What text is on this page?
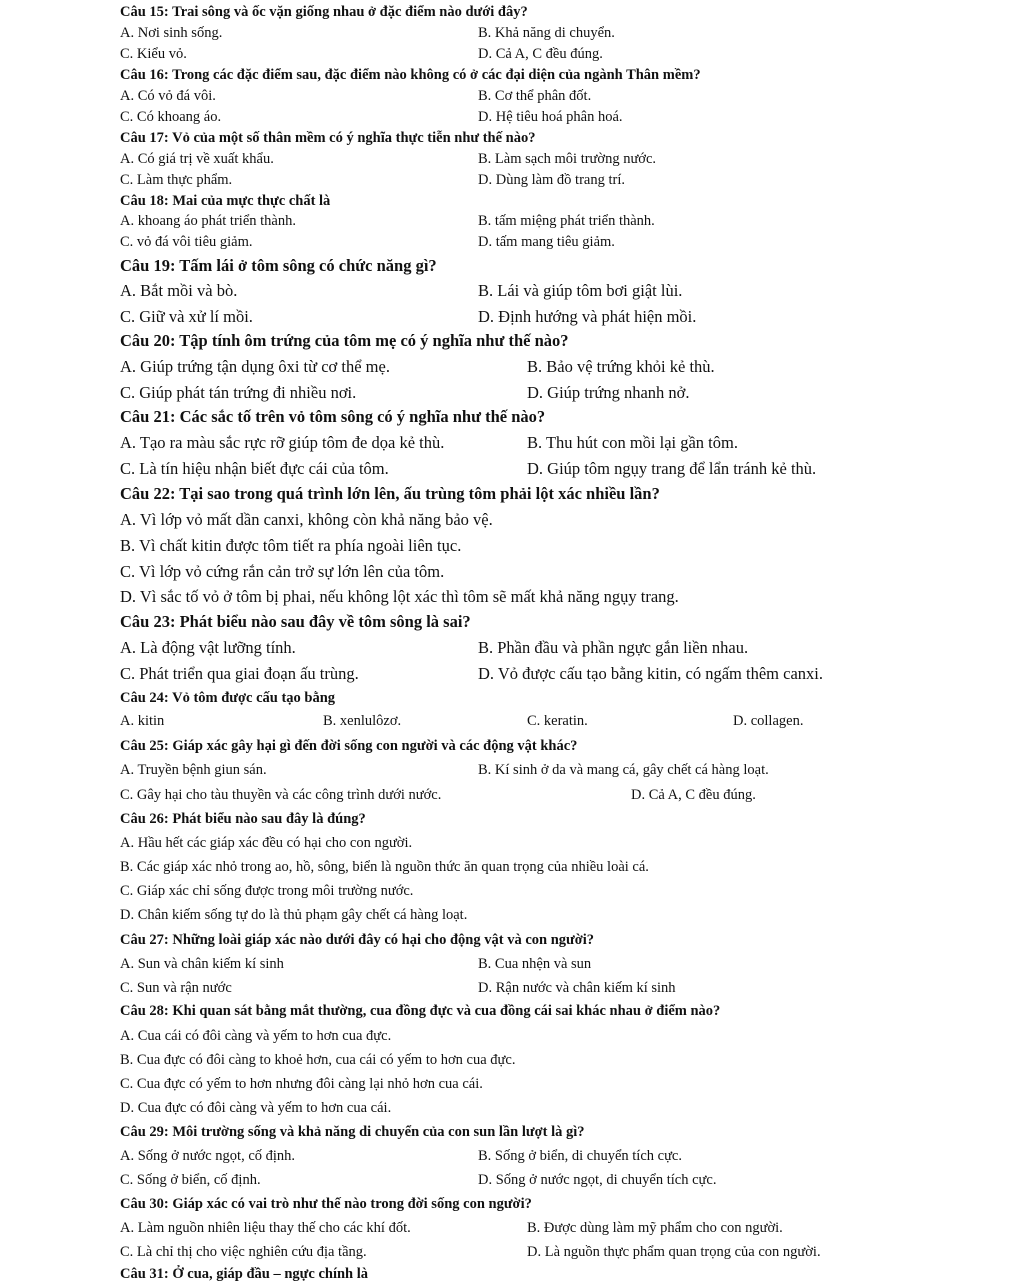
Câu 15: Trai sông và ốc vặn giống nhau ở đặc điểm nào dưới đây?
A. Nơi sinh sống.	B. Khả năng di chuyển.
C. Kiểu vỏ.	D. Cả A, C đều đúng.
Câu 16: Trong các đặc điểm sau, đặc điểm nào không có ở các đại diện của ngành Thân mềm?
A. Có vỏ đá vôi.	B. Cơ thể phân đốt.
C. Có khoang áo.	D. Hệ tiêu hoá phân hoá.
Câu 17: Vỏ của một số thân mềm có ý nghĩa thực tiễn như thế nào?
A. Có giá trị về xuất khẩu.	B. Làm sạch môi trường nước.
C. Làm thực phẩm.	D. Dùng làm đồ trang trí.
Câu 18: Mai của mực thực chất là
A. khoang áo phát triển thành.	B. tấm miệng phát triển thành.
C. vỏ đá vôi tiêu giảm.	D. tấm mang tiêu giảm.
Câu 19: Tấm lái ở tôm sông có chức năng gì?
A. Bắt mồi và bò.	B. Lái và giúp tôm bơi giật lùi.
C. Giữ và xử lí mồi.	D. Định hướng và phát hiện mồi.
Câu 20: Tập tính ôm trứng của tôm mẹ có ý nghĩa như thế nào?
A. Giúp trứng tận dụng ôxi từ cơ thể mẹ.	B. Bảo vệ trứng khỏi kẻ thù.
C. Giúp phát tán trứng đi nhiều nơi.	D. Giúp trứng nhanh nở.
Câu 21: Các sắc tố trên vỏ tôm sông có ý nghĩa như thế nào?
A. Tạo ra màu sắc rực rỡ giúp tôm đe dọa kẻ thù.	B. Thu hút con mồi lại gần tôm.
C. Là tín hiệu nhận biết đực cái của tôm.	D. Giúp tôm ngụy trang để lẩn tránh kẻ thù.
Câu 22: Tại sao trong quá trình lớn lên, ấu trùng tôm phải lột xác nhiều lần?
A. Vì lớp vỏ mất dần canxi, không còn khả năng bảo vệ.
B. Vì chất kitin được tôm tiết ra phía ngoài liên tục.
C. Vì lớp vỏ cứng rắn cản trở sự lớn lên của tôm.
D. Vì sắc tố vỏ ở tôm bị phai, nếu không lột xác thì tôm sẽ mất khả năng ngụy trang.
Câu 23: Phát biểu nào sau đây về tôm sông là sai?
A. Là động vật lưỡng tính.	B. Phần đầu và phần ngực gắn liền nhau.
C. Phát triển qua giai đoạn ấu trùng.	D. Vỏ được cấu tạo bằng kitin, có ngấm thêm canxi.
Câu 24: Vỏ tôm được cấu tạo bằng
A. kitin	B. xenlulôzơ.	C. keratin.	D. collagen.
Câu 25: Giáp xác gây hại gì đến đời sống con người và các động vật khác?
A. Truyền bệnh giun sán.	B. Kí sinh ở da và mang cá, gây chết cá hàng loạt.
C. Gây hại cho tàu thuyền và các công trình dưới nước.	D. Cả A, C đều đúng.
Câu 26: Phát biểu nào sau đây là đúng?
A. Hầu hết các giáp xác đều có hại cho con người.
B. Các giáp xác nhỏ trong ao, hồ, sông, biển là nguồn thức ăn quan trọng của nhiều loài cá.
C. Giáp xác chỉ sống được trong môi trường nước.
D. Chân kiếm sống tự do là thủ phạm gây chết cá hàng loạt.
Câu 27: Những loài giáp xác nào dưới đây có hại cho động vật và con người?
A. Sun và chân kiếm kí sinh	B. Cua nhện và sun
C. Sun và rận nước	D. Rận nước và chân kiếm kí sinh
Câu 28: Khi quan sát bằng mắt thường, cua đồng đực và cua đồng cái sai khác nhau ở điểm nào?
A. Cua cái có đôi càng và yếm to hơn cua đực.
B. Cua đực có đôi càng to khoẻ hơn, cua cái có yếm to hơn cua đực.
C. Cua đực có yếm to hơn nhưng đôi càng lại nhỏ hơn cua cái.
D. Cua đực có đôi càng và yếm to hơn cua cái.
Câu 29: Môi trường sống và khả năng di chuyển của con sun lần lượt là gì?
A. Sống ở nước ngọt, cố định.	B. Sống ở biển, di chuyển tích cực.
C. Sống ở biển, cố định.	D. Sống ở nước ngọt, di chuyển tích cực.
Câu 30: Giáp xác có vai trò như thế nào trong đời sống con người?
A. Làm nguồn nhiên liệu thay thế cho các khí đốt.	B. Được dùng làm mỹ phẩm cho con người.
C. Là chỉ thị cho việc nghiên cứu địa tầng.	D. Là nguồn thực phẩm quan trọng của con người.
Câu 31: Ở cua, giáp đầu – ngực chính là
